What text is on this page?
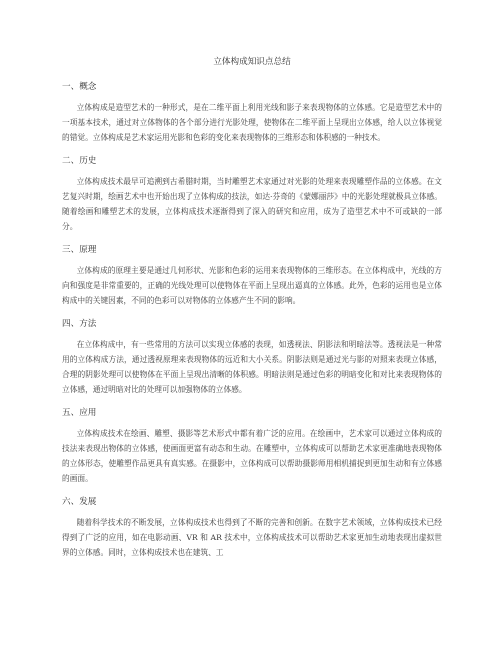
立体构成知识点总结
一、概念

立体构成是造型艺术的一种形式，是在二维平面上利用光线和影子来表现物体的立体感。它是造型艺术中的一项基本技术，通过对立体物体的各个部分进行光影处理，使物体在二维平面上呈现出立体感，给人以立体视觉的错觉。立体构成是艺术家运用光影和色彩的变化来表现物体的三维形态和体积感的一种技术。

二、历史

立体构成技术最早可追溯到古希腊时期，当时雕塑艺术家通过对光影的处理来表现雕塑作品的立体感。在文艺复兴时期，绘画艺术中也开始出现了立体构成的技法，如达·芬奇的《蒙娜丽莎》中的光影处理就极具立体感。随着绘画和雕塑艺术的发展，立体构成技术逐渐得到了深入的研究和应用，成为了造型艺术中不可或缺的一部分。

三、原理

立体构成的原理主要是通过几何形状、光影和色彩的运用来表现物体的三维形态。在立体构成中，光线的方向和强度是非常重要的，正确的光线处理可以使物体在平面上呈现出逼真的立体感。此外，色彩的运用也是立体构成中的关键因素，不同的色彩可以对物体的立体感产生不同的影响。

四、方法

在立体构成中，有一些常用的方法可以实现立体感的表现，如透视法、阴影法和明暗法等。透视法是一种常用的立体构成方法，通过透视原理来表现物体的远近和大小关系。阴影法则是通过光与影的对照来表现立体感，合理的阴影处理可以使物体在平面上呈现出清晰的体积感。明暗法则是通过色彩的明暗变化和对比来表现物体的立体感，通过明暗对比的处理可以加强物体的立体感。

五、应用

立体构成技术在绘画、雕塑、摄影等艺术形式中都有着广泛的应用。在绘画中，艺术家可以通过立体构成的技法来表现出物体的立体感，使画面更富有动态和生动。在雕塑中，立体构成可以帮助艺术家更准确地表现物体的立体形态，使雕塑作品更具有真实感。在摄影中，立体构成可以帮助摄影师用相机捕捉到更加生动和有立体感的画面。

六、发展

随着科学技术的不断发展，立体构成技术也得到了不断的完善和创新。在数字艺术领域，立体构成技术已经得到了广泛的应用，如在电影动画、VR 和 AR 技术中，立体构成技术可以帮助艺术家更加生动地表现出虚拟世界的立体感。同时，立体构成技术也在建筑、工
